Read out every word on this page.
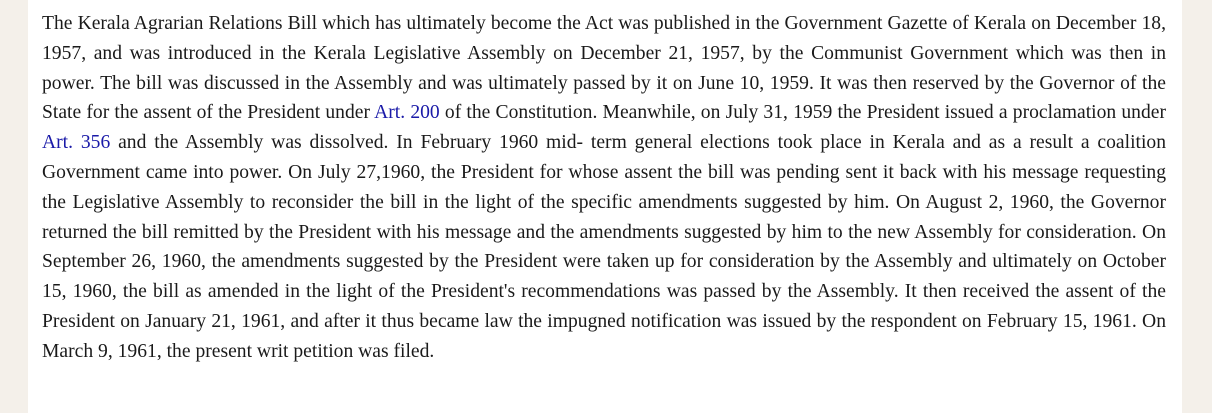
The Kerala Agrarian Relations Bill which has ultimately become the Act was published in the Government Gazette of Kerala on December 18, 1957, and was introduced in the Kerala Legislative Assembly on December 21, 1957, by the Communist Government which was then in power. The bill was discussed in the Assembly and was ultimately passed by it on June 10, 1959. It was then reserved by the Governor of the State for the assent of the President under Art. 200 of the Constitution. Meanwhile, on July 31, 1959 the President issued a proclamation under Art. 356 and the Assembly was dissolved. In February 1960 mid- term general elections took place in Kerala and as a result a coalition Government came into power. On July 27,1960, the President for whose assent the bill was pending sent it back with his message requesting the Legislative Assembly to reconsider the bill in the light of the specific amendments suggested by him. On August 2, 1960, the Governor returned the bill remitted by the President with his message and the amendments suggested by him to the new Assembly for consideration. On September 26, 1960, the amendments suggested by the President were taken up for consideration by the Assembly and ultimately on October 15, 1960, the bill as amended in the light of the President's recommendations was passed by the Assembly. It then received the assent of the President on January 21, 1961, and after it thus became law the impugned notification was issued by the respondent on February 15, 1961. On March 9, 1961, the present writ petition was filed.
